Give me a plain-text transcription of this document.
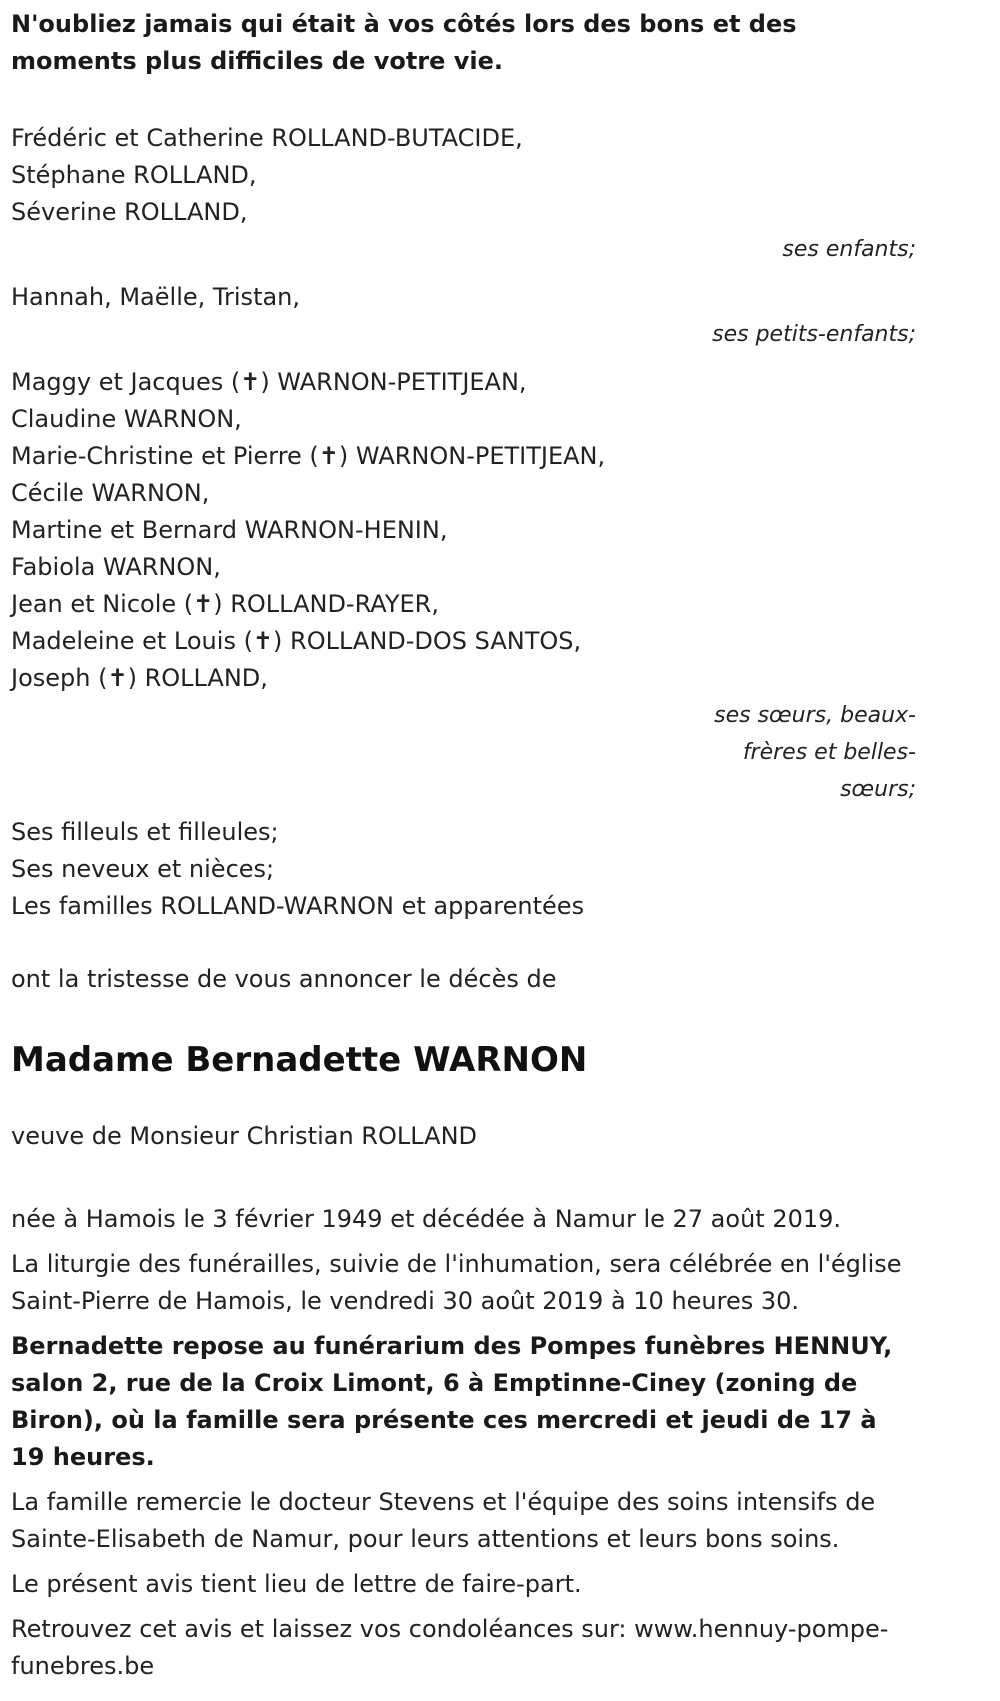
N'oubliez jamais qui était à vos côtés lors des bons et des moments plus difficiles de votre vie.
Frédéric et Catherine ROLLAND-BUTACIDE,
Stéphane ROLLAND,
Séverine ROLLAND,
ses enfants;
Hannah, Maëlle, Tristan,
ses petits-enfants;
Maggy et Jacques (✝) WARNON-PETITJEAN,
Claudine WARNON,
Marie-Christine et Pierre (✝) WARNON-PETITJEAN,
Cécile WARNON,
Martine et Bernard WARNON-HENIN,
Fabiola WARNON,
Jean et Nicole (✝) ROLLAND-RAYER,
Madeleine et Louis (✝) ROLLAND-DOS SANTOS,
Joseph (✝) ROLLAND,
ses sœurs, beaux-frères et belles-sœurs;
Ses filleuls et filleules;
Ses neveux et nièces;
Les familles ROLLAND-WARNON et apparentées
ont la tristesse de vous annoncer le décès de
Madame Bernadette WARNON
veuve de Monsieur Christian ROLLAND
née à Hamois le 3 février 1949 et décédée à Namur le 27 août 2019.
La liturgie des funérailles, suivie de l'inhumation, sera célébrée en l'église Saint-Pierre de Hamois, le vendredi 30 août 2019 à 10 heures 30.
Bernadette repose au funérarium des Pompes funèbres HENNUY, salon 2, rue de la Croix Limont, 6 à Emptinne-Ciney (zoning de Biron), où la famille sera présente ces mercredi et jeudi de 17 à 19 heures.
La famille remercie le docteur Stevens et l'équipe des soins intensifs de Sainte-Elisabeth de Namur, pour leurs attentions et leurs bons soins.
Le présent avis tient lieu de lettre de faire-part.
Retrouvez cet avis et laissez vos condoléances sur: www.hennuy-pompe-funebres.be
